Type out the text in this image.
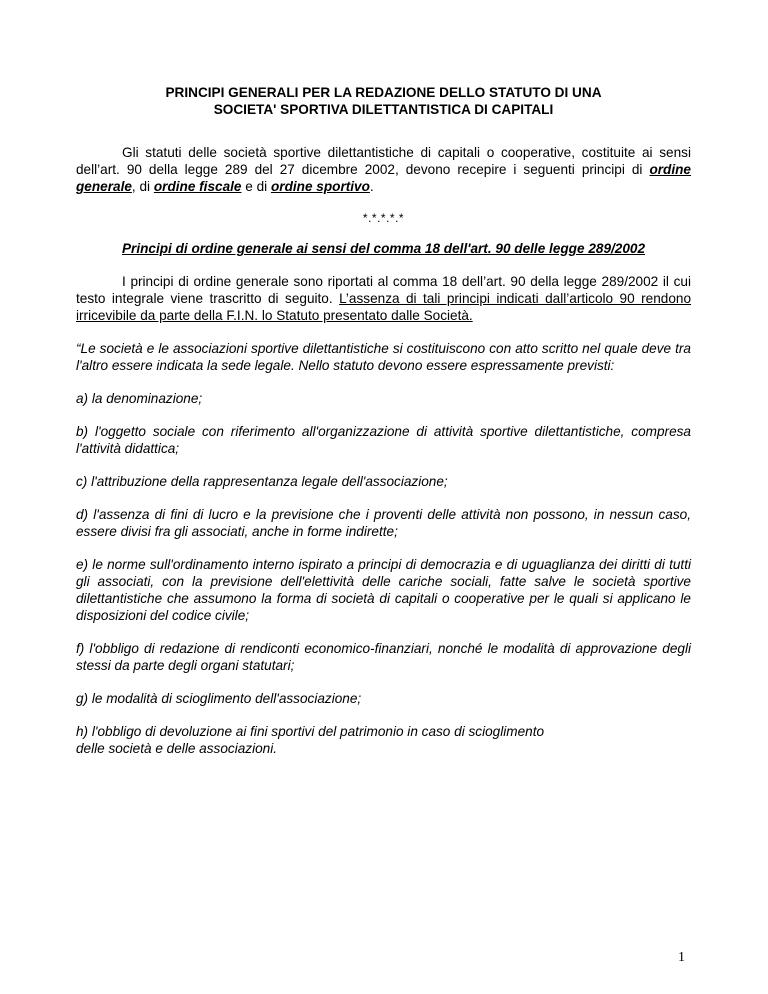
PRINCIPI GENERALI PER LA REDAZIONE DELLO STATUTO DI UNA
SOCIETA' SPORTIVA DILETTANTISTICA DI CAPITALI

Gli statuti delle società sportive dilettantistiche di capitali o cooperative, costituite ai sensi dell’art. 90 della legge 289 del 27 dicembre 2002, devono recepire i seguenti principi di ordine generale, di ordine fiscale e di ordine sportivo.

*.*.*.*.*
Principi di ordine generale ai sensi del comma 18 dell'art. 90 delle legge 289/2002

I principi di ordine generale sono riportati al comma 18 dell’art. 90 della legge 289/2002 il cui testo integrale viene trascritto di seguito. L’assenza di tali principi indicati dall’articolo 90 rendono irricevibile da parte della F.I.N. lo Statuto presentato dalle Società.

“Le società e le associazioni sportive dilettantistiche si costituiscono con atto scritto nel quale deve tra l'altro essere indicata la sede legale. Nello statuto devono essere espressamente previsti:

a) la denominazione;

b) l'oggetto sociale con riferimento all'organizzazione di attività sportive dilettantistiche, compresa l'attività didattica;

c) l'attribuzione della rappresentanza legale dell'associazione;

d) l'assenza di fini di lucro e la previsione che i proventi delle attività non possono, in nessun caso, essere divisi fra gli associati, anche in forme indirette;

e) le norme sull'ordinamento interno ispirato a principi di democrazia e di uguaglianza dei diritti di tutti gli associati, con la previsione dell'elettività delle cariche sociali, fatte salve le società sportive dilettantistiche che assumono la forma di società di capitali o cooperative per le quali si applicano le disposizioni del codice civile;

f) l'obbligo di redazione di rendiconti economico-finanziari, nonché le modalità di approvazione degli stessi da parte degli organi statutari;

g) le modalità di scioglimento dell'associazione;

h) l'obbligo di devoluzione ai fini sportivi del patrimonio in caso di scioglimento
delle società e delle associazioni.

1
